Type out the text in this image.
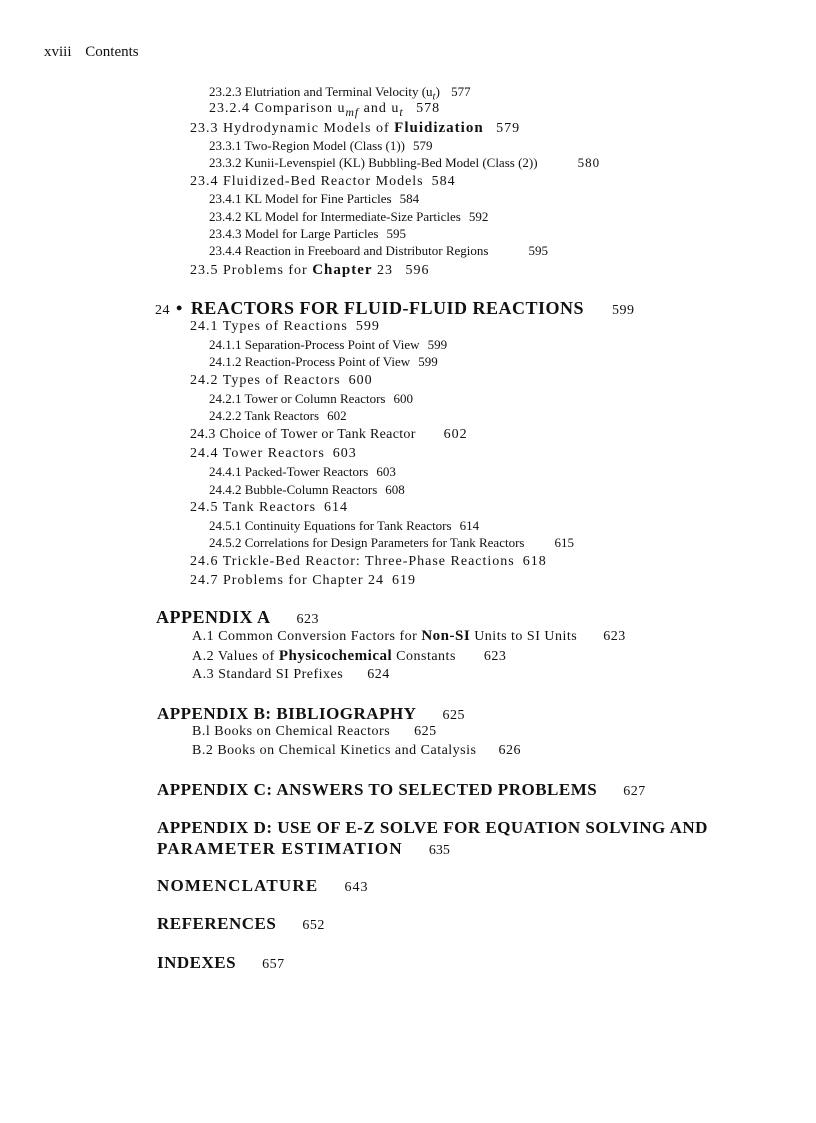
xviii Contents
23.2.3 Elutriation and Terminal Velocity $(u_t)$ 577
23.2.4 Comparison $u_{mf}$ and $u_t$ 578
23.3 Hydrodynamic Models of Fluidization 579
23.3.1 Two-Region Model (Class (1)) 579
23.3.2 Kunii-Levenspiel (KL) Bubbling-Bed Model (Class (2))	580
23.4 Fluidized-Bed Reactor Models 584
23.4.1 KL Model for Fine Particles 584
23.4.2 KL Model for Intermediate-Size Particles 592
23.4.3 Model for Large Particles 595
23.4.4 Reaction in Freeboard and Distributor Regions	595
23.5 Problems for Chapter 23 596
24 • REACTORS FOR FLUID-FLUID REACTIONS 599
24.1 Types of Reactions 599
24.1.1 Separation-Process Point of View 599
24.1.2 Reaction-Process Point of View 599
24.2 Types of Reactors 600
24.2.1 Tower or Column Reactors 600
24.2.2 Tank Reactors 602
24.3 Choice of Tower or Tank Reactor 602
24.4 Tower Reactors 603
24.4.1 Packed-Tower Reactors 603
24.4.2 Bubble-Column Reactors 608
24.5 Tank Reactors 614
24.5.1 Continuity Equations for Tank Reactors 614
24.5.2 Correlations for Design Parameters for Tank Reactors 615
24.6 Trickle-Bed Reactor: Three-Phase Reactions 618
24.7 Problems for Chapter 24 619
APPENDIX A 623
A.1 Common Conversion Factors for Non-SI Units to SI Units 623
A.2 Values of Physicochemical Constants 623
A.3 Standard SI Prefixes 624
APPENDIX B: BIBLIOGRAPHY 625
B.l Books on Chemical Reactors 625
B.2 Books on Chemical Kinetics and Catalysis 626
APPENDIX C: ANSWERS TO SELECTED PROBLEMS 627
APPENDIX D: USE OF E-Z SOLVE FOR EQUATION SOLVING AND
PARAMETER ESTIMATION 635
NOMENCLATURE 643
REFERENCES 652
INDEXES 657
